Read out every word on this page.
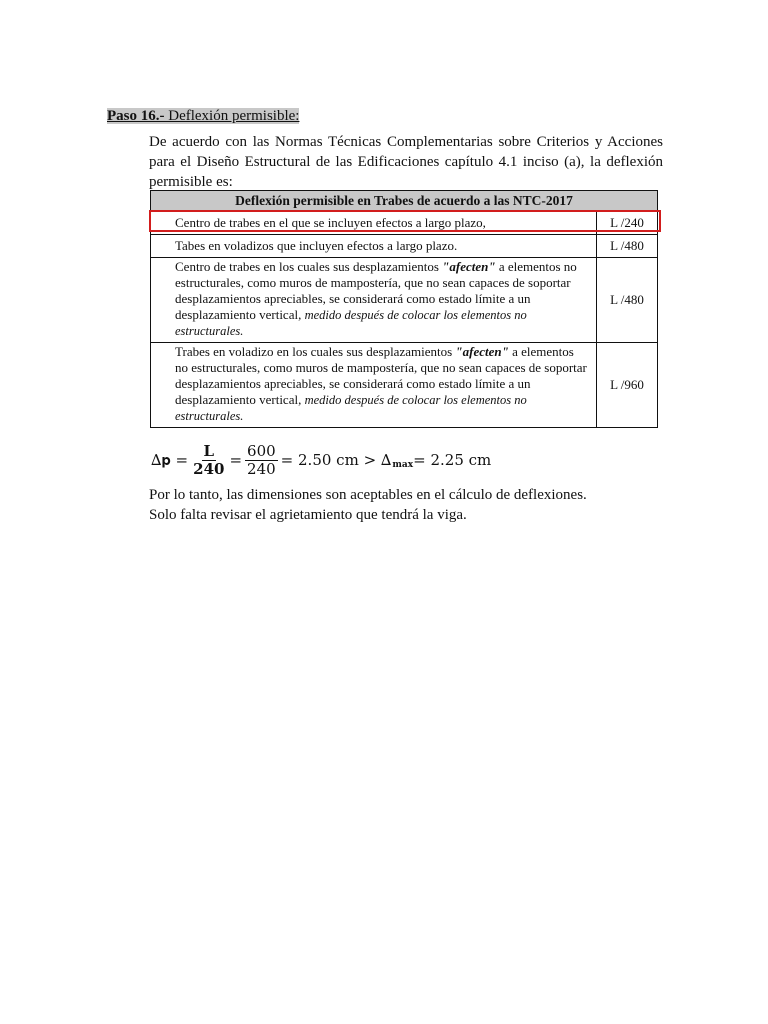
Paso 16.- Deflexión permisible:
De acuerdo con las Normas Técnicas Complementarias sobre Criterios y Acciones para el Diseño Estructural de las Edificaciones capítulo 4.1 inciso (a), la deflexión permisible es:
Deflexión permisible en Trabes de acuerdo a las NTC-2017	
Centro de trabes en el que se incluyen efectos a largo plazo,	L /240
Tabes en voladizos que incluyen efectos a largo plazo.	L /480
Centro de trabes en los cuales sus desplazamientos "afecten" a elementos no estructurales, como muros de mampostería, que no sean capaces de soportar desplazamientos apreciables, se considerará como estado límite a un desplazamiento vertical, medido después de colocar los elementos no estructurales.	L /480
Trabes en voladizo en los cuales sus desplazamientos "afecten" a elementos no estructurales, como muros de mampostería, que no sean capaces de soportar desplazamientos apreciables, se considerará como estado límite a un desplazamiento vertical, medido después de colocar los elementos no estructurales.	L /960
∆𝐩 = $\frac{\text{𝐋}}{𝟐𝟒𝟎} = \frac{600}{240} = 2.50$ cm > ∆ max = 2.25 cm
Por lo tanto, las dimensiones son aceptables en el cálculo de deflexiones.
Solo falta revisar el agrietamiento que tendrá la viga.
